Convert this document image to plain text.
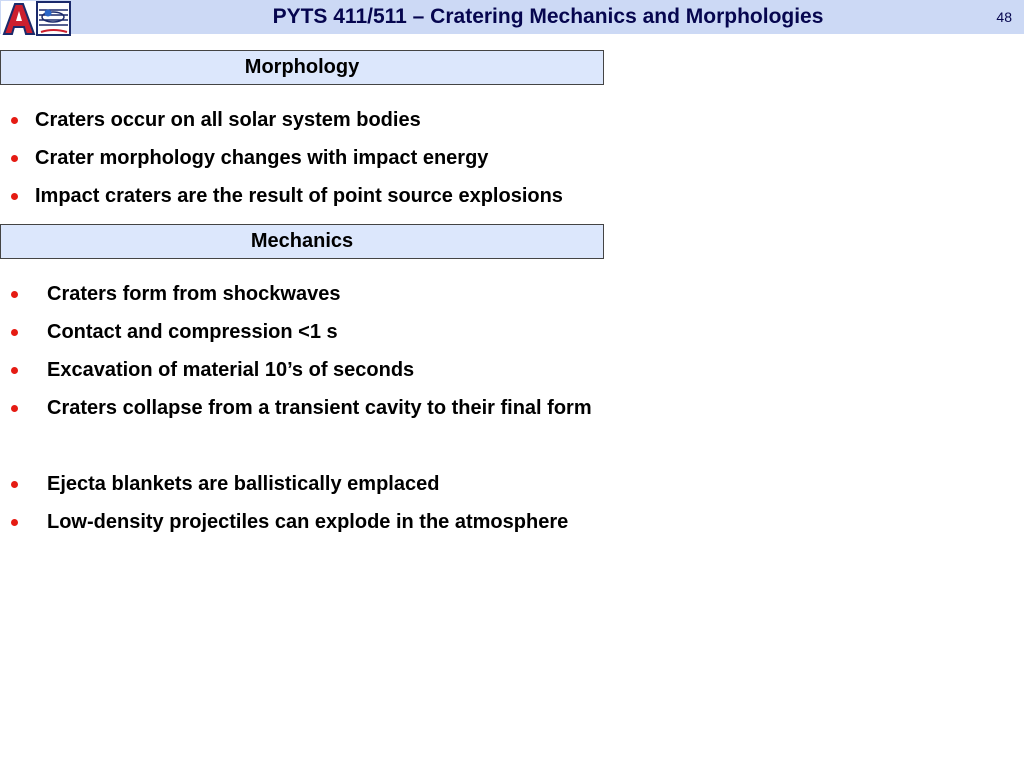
PYTS 411/511 – Cratering Mechanics and Morphologies	48
Morphology
Craters occur on all solar system bodies
Crater morphology changes with impact energy
Impact craters are the result of point source explosions
Mechanics
Craters form from shockwaves
Contact and compression <1 s
Excavation of material 10’s of seconds
Craters collapse from a transient cavity to their final form
Ejecta blankets are ballistically emplaced
Low-density projectiles can explode in the atmosphere
